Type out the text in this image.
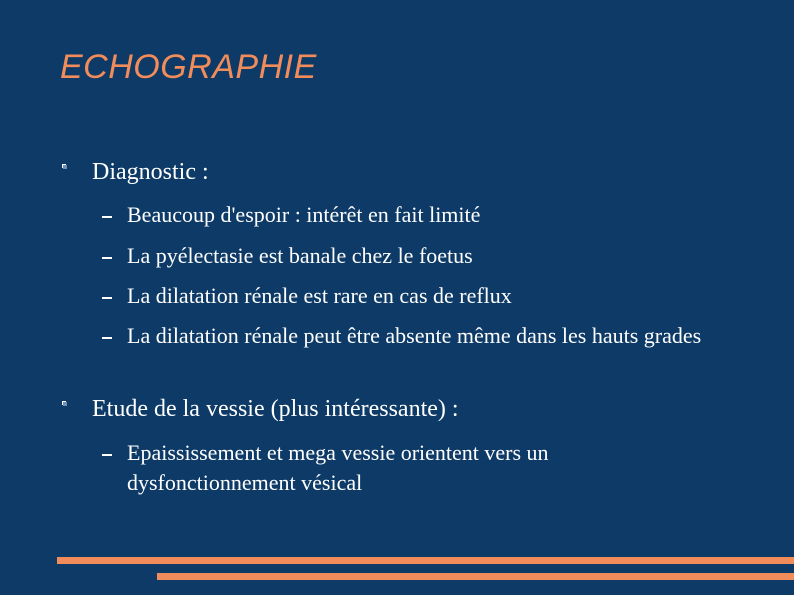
ECHOGRAPHIE
Diagnostic :
Beaucoup d'espoir : intérêt en fait limité
La pyélectasie est banale chez le foetus
La dilatation rénale est rare en cas de reflux
La dilatation rénale peut être absente même dans les hauts grades
Etude de la vessie (plus intéressante) :
Epaississement et mega vessie orientent vers un dysfonctionnement vésical
